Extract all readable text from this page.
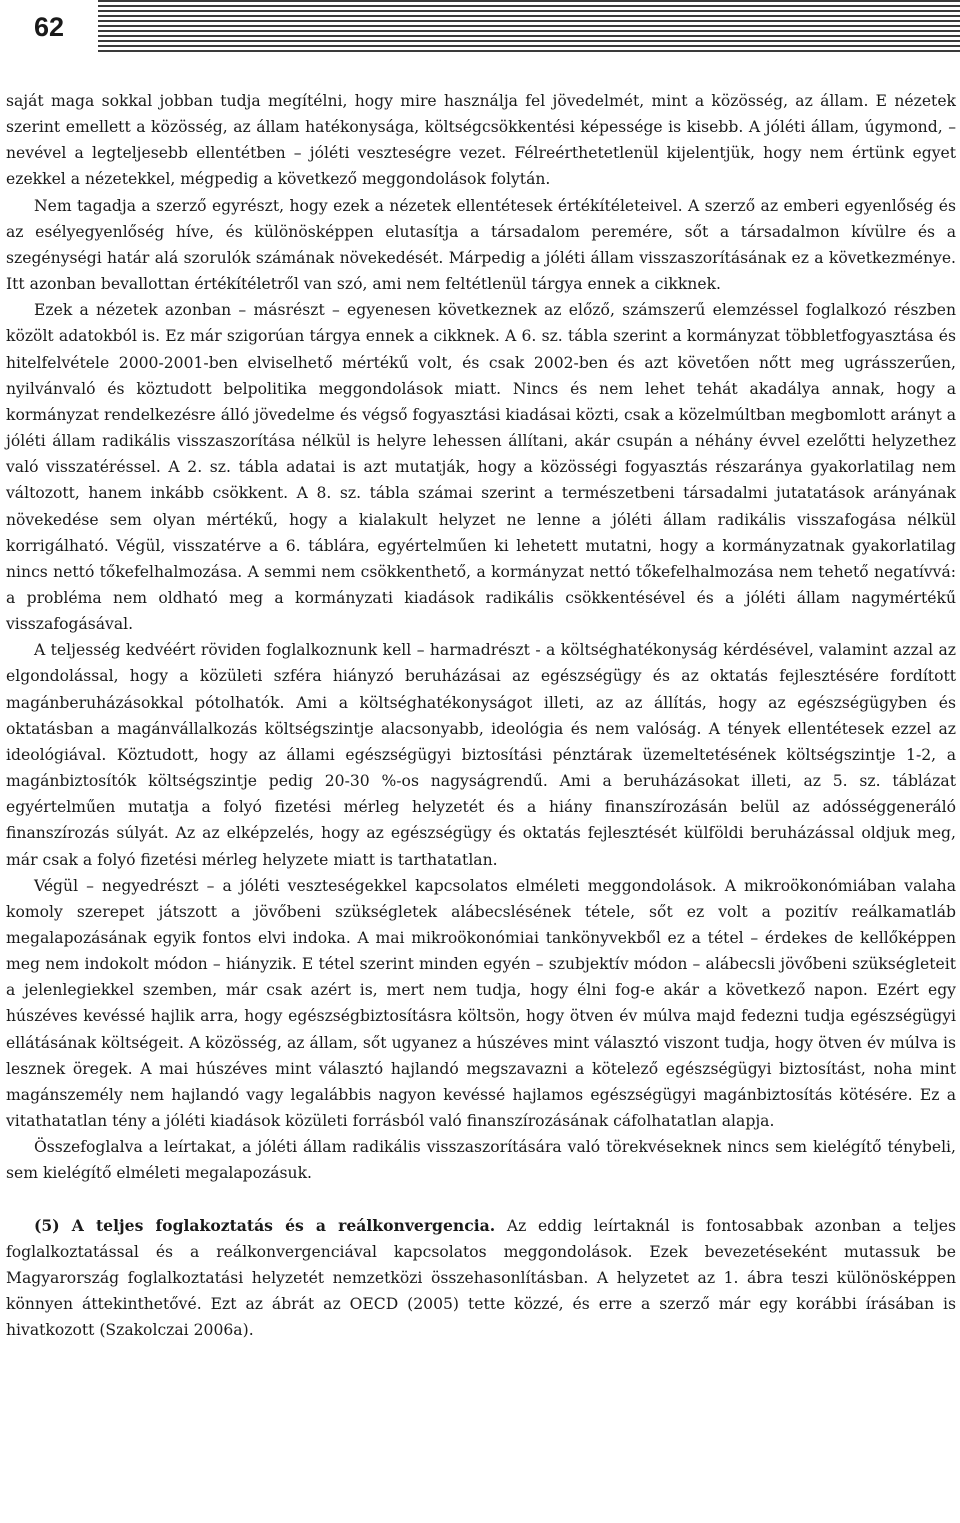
62

saját maga sokkal jobban tudja megítélni, hogy mire használja fel jövedelmét, mint a közösség, az állam. E nézetek szerint emellett a közösség, az állam hatékonysága, költségcsökkentési képessége is kisebb. A jóléti állam, úgymond, – nevével a legteljesebb ellentétben – jóléti veszteségre vezet. Félreérthetetlenül kijelentjük, hogy nem értünk egyet ezekkel a nézetekkel, mégpedig a következő meggondolások folytán.

Nem tagadja a szerző egyrészt, hogy ezek a nézetek ellentétesek értékítéleteivel. A szerző az emberi egyenlőség és az esélyegyenlőség híve, és különösképpen elutasítja a társadalom peremére, sőt a társadalmon kívülre és a szegénységi határ alá szorulók számának növekedését. Márpedig a jóléti állam visszaszorításának ez a következménye. Itt azonban bevallottan értékítéletről van szó, ami nem feltétlenül tárgya ennek a cikknek.

Ezek a nézetek azonban – másrészt – egyenesen következnek az előző, számszerű elemzéssel foglalkozó részben közölt adatokból is. Ez már szigorúan tárgya ennek a cikknek. A 6. sz. tábla szerint a kormányzat többletfogyasztása és hitelfelvétele 2000-2001-ben elviselhető mértékű volt, és csak 2002-ben és azt követően nőtt meg ugrásszerűen, nyilvánvaló és köztudott belpolitika meggondolások miatt. Nincs és nem lehet tehát akadálya annak, hogy a kormányzat rendelkezésre álló jövedelme és végső fogyasztási kiadásai közti, csak a közelmúltban megbomlott arányt a jóléti állam radikális visszaszorítása nélkül is helyre lehessen állítani, akár csupán a néhány évvel ezelőtti helyzethez való visszatéréssel. A 2. sz. tábla adatai is azt mutatják, hogy a közösségi fogyasztás részaránya gyakorlatilag nem változott, hanem inkább csökkent. A 8. sz. tábla számai szerint a természetbeni társadalmi jutatatások arányának növekedése sem olyan mértékű, hogy a kialakult helyzet ne lenne a jóléti állam radikális visszafogása nélkül korrigálható. Végül, visszatérve a 6. táblára, egyértelműen ki lehetett mutatni, hogy a kormányzatnak gyakorlatilag nincs nettó tőkefelhalmozása. A semmi nem csökkenthető, a kormányzat nettó tőkefelhalmozása nem tehető negatívvá: a probléma nem oldható meg a kormányzati kiadások radikális csökkentésével és a jóléti állam nagymértékű visszafogásával.

A teljesség kedvéért röviden foglalkoznunk kell – harmadrészt - a költséghatékonyság kérdésével, valamint azzal az elgondolással, hogy a közületi szféra hiányzó beruházásai az egészségügy és az oktatás fejlesztésére fordított magánberuházásokkal pótolhatók. Ami a költséghatékonyságot illeti, az az állítás, hogy az egészségügyben és oktatásban a magánvállalkozás költségszintje alacsonyabb, ideológia és nem valóság. A tények ellentétesek ezzel az ideológiával. Köztudott, hogy az állami egészségügyi biztosítási pénztárak üzemeltetésének költségszintje 1-2, a magánbiztosítók költségszintje pedig 20-30 %-os nagyságrendű. Ami a beruházásokat illeti, az 5. sz. táblázat egyértelműen mutatja a folyó fizetési mérleg helyzetét és a hiány finanszírozásán belül az adósséggeneráló finanszírozás súlyát. Az az elképzelés, hogy az egészségügy és oktatás fejlesztését külföldi beruházással oldjuk meg, már csak a folyó fizetési mérleg helyzete miatt is tarthatatlan.

Végül – negyedrészt – a jóléti veszteségekkel kapcsolatos elméleti meggondolások. A mikroökonómiában valaha komoly szerepet játszott a jövőbeni szükségletek alábecslésének tétele, sőt ez volt a pozitív reálkamatláb megalapozásának egyik fontos elvi indoka. A mai mikroökonómiai tankönyvekből ez a tétel – érdekes de kellőképpen meg nem indokolt módon – hiányzik. E tétel szerint minden egyén – szubjektív módon – alábecsli jövőbeni szükségleteit a jelenlegiekkel szemben, már csak azért is, mert nem tudja, hogy élni fog-e akár a következő napon. Ezért egy húszéves kevéssé hajlik arra, hogy egészségbiztosításra költsön, hogy ötven év múlva majd fedezni tudja egészségügyi ellátásának költségeit. A közösség, az állam, sőt ugyanez a húszéves mint választó viszont tudja, hogy ötven év múlva is lesznek öregek. A mai húszéves mint választó hajlandó megszavazni a kötelező egészségügyi biztosítást, noha mint magánszemély nem hajlandó vagy legalábbis nagyon kevéssé hajlamos egészségügyi magánbiztosítás kötésére. Ez a vitathatatlan tény a jóléti kiadások közületi forrásból való finanszírozásának cáfolhatatlan alapja.

Összefoglalva a leírtakat, a jóléti állam radikális visszaszorítására való törekvéseknek nincs sem kielégítő ténybeli, sem kielégítő elméleti megalapozásuk.

(5) A teljes foglakoztatás és a reálkonvergencia. Az eddig leírtaknál is fontosabbak azonban a teljes foglalkoztatással és a reálkonvergenciával kapcsolatos meggondolások. Ezek bevezetéseként mutassuk be Magyarország foglalkoztatási helyzetét nemzetközi összehasonlításban. A helyzetet az 1. ábra teszi különösképpen könnyen áttekinthetővé. Ezt az ábrát az OECD (2005) tette közzé, és erre a szerző már egy korábbi írásában is hivatkozott (Szakolczai 2006a).
